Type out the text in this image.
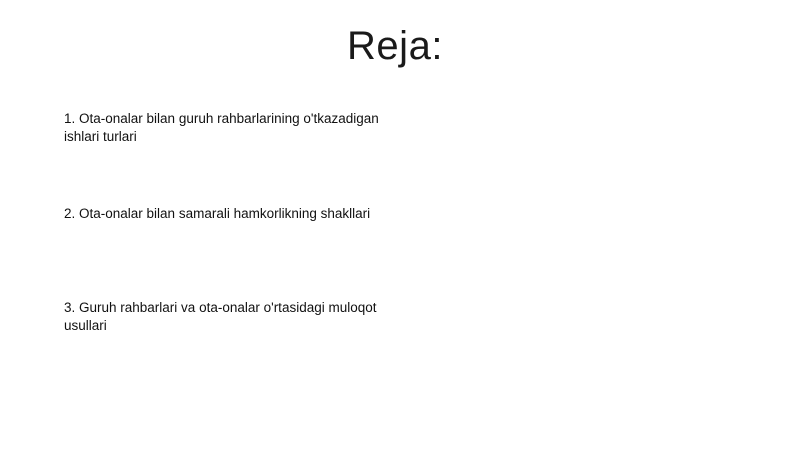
Reja:
1. Ota-onalar bilan guruh rahbarlarining o'tkazadigan ishlari turlari
2. Ota-onalar bilan samarali hamkorlikning shakllari
3. Guruh rahbarlari va ota-onalar o'rtasidagi muloqot usullari
